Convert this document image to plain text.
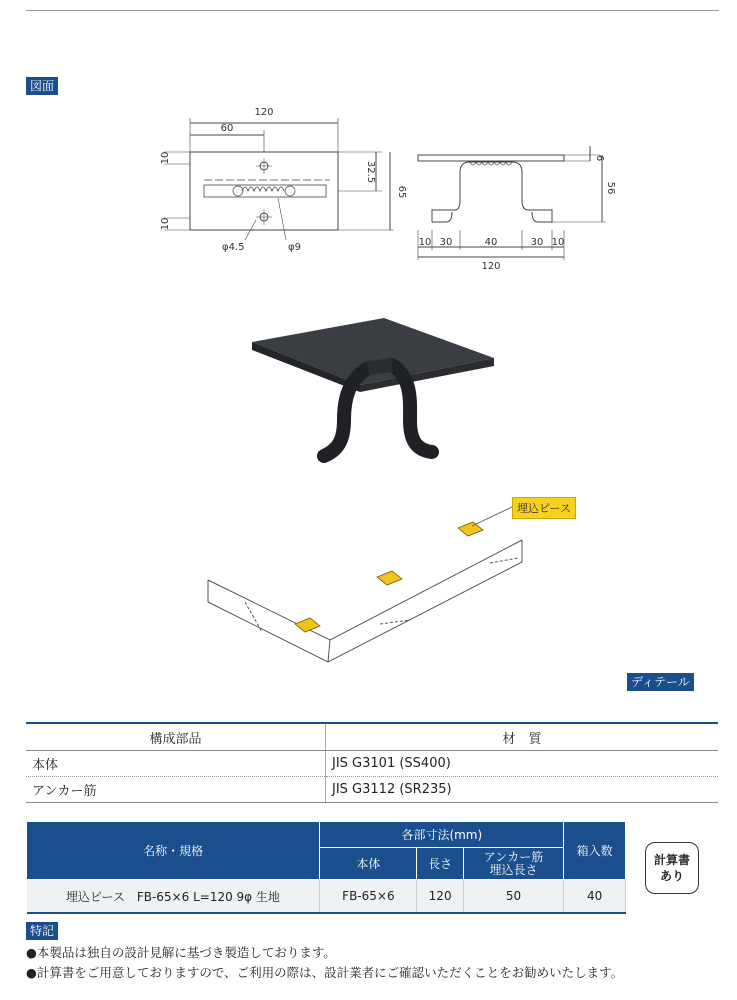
図面
120
60
10
10
32.5
65
φ4.5	φ9
6
56
10 30	40	30 10
120
埋込ピース
ディテール
構成部品	材　質
本体	JIS G3101 (SS400)
アンカー筋	JIS G3112 (SR235)
名称・規格	各部寸法(mm)			箱入数
	本体	長さ	アンカー筋
埋込長さ	
埋込ピース　FB-65×6 L=120 9φ 生地	FB-65×6	120	50	40
計算書
あり
特記
●本製品は独自の設計見解に基づき製造しております。
●計算書をご用意しておりますので、ご利用の際は、設計業者にご確認いただくことをお勧めいたします。
